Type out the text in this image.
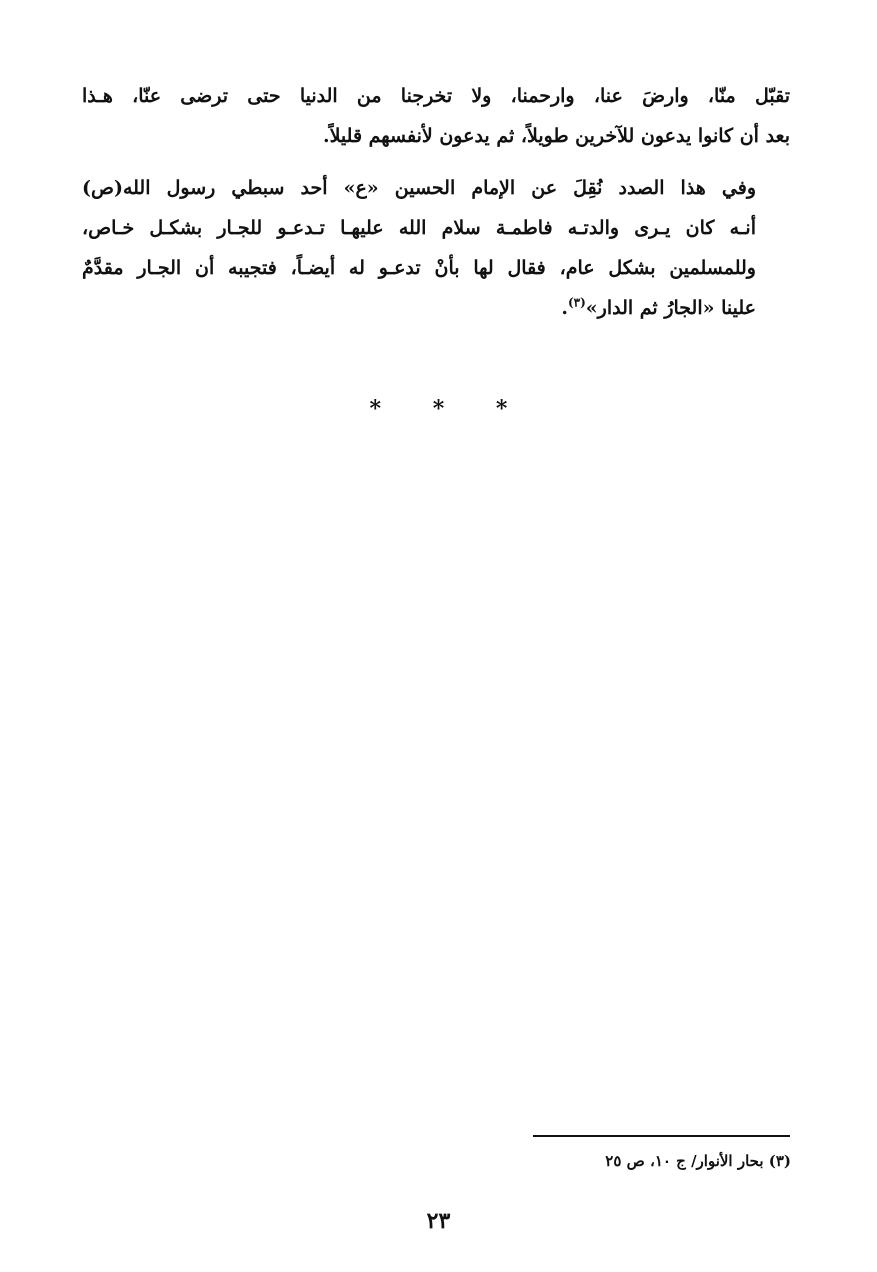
تقبّل منّا، وارضَ عنا، وارحمنا، ولا تخرجنا من الدنيا حتى ترضى عنّا، هـذا
بعد أن كانوا يدعون للآخرين طويلاً، ثم يدعون لأنفسهم قليلاً.
وفي هذا الصدد نُقِلَ عن الإمام الحسين «ع» أحد سبطي رسول الله(ص)
أنـه كان يـرى والدتـه فاطمـة سلام الله عليهـا تـدعـو للجـار بشكـل خـاص،
وللمسلمين بشكل عام، فقال لها بأنْ تدعـو له أيضـاً، فتجيبه أن الجـار مقدَّمٌ
علينا «الجارُ ثم الدار»$^{(٣)}$.
* * *
(٣) بحار الأنوار/ ج ١٠، ص ٢٥
٢٣
